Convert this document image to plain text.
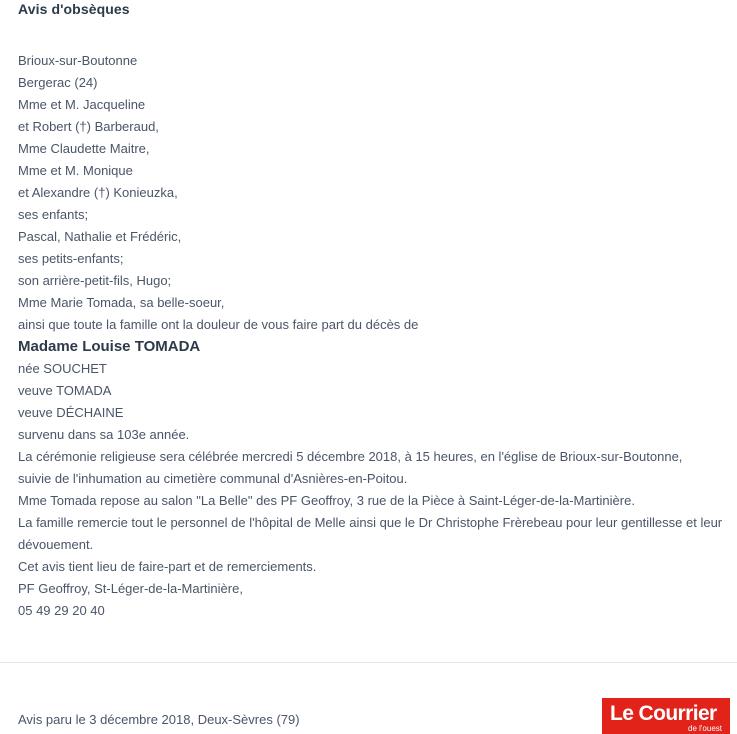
Avis d'obsèques
Brioux-sur-Boutonne
Bergerac (24)
Mme et M. Jacqueline
et Robert (†) Barberaud,
Mme Claudette Maitre,
Mme et M. Monique
et Alexandre (†) Konieuzka,
ses enfants;
Pascal, Nathalie et Frédéric,
ses petits-enfants;
son arrière-petit-fils, Hugo;
Mme Marie Tomada, sa belle-soeur,
ainsi que toute la famille ont la douleur de vous faire part du décès de
Madame Louise TOMADA
née SOUCHET
veuve TOMADA
veuve DÉCHAINE
survenu dans sa 103e année.
La cérémonie religieuse sera célébrée mercredi 5 décembre 2018, à 15 heures, en l'église de Brioux-sur-Boutonne,
suivie de l'inhumation au cimetière communal d'Asnières-en-Poitou.
Mme Tomada repose au salon "La Belle" des PF Geoffroy, 3 rue de la Pièce à Saint-Léger-de-la-Martinière.
La famille remercie tout le personnel de l'hôpital de Melle ainsi que le Dr Christophe Frèrebeau pour leur gentillesse et leur dévouement.
Cet avis tient lieu de faire-part et de remerciements.
PF Geoffroy, St-Léger-de-la-Martinière,
05 49 29 20 40
Avis paru le 3 décembre 2018, Deux-Sèvres (79)	Le Courrier
de l'ouest
